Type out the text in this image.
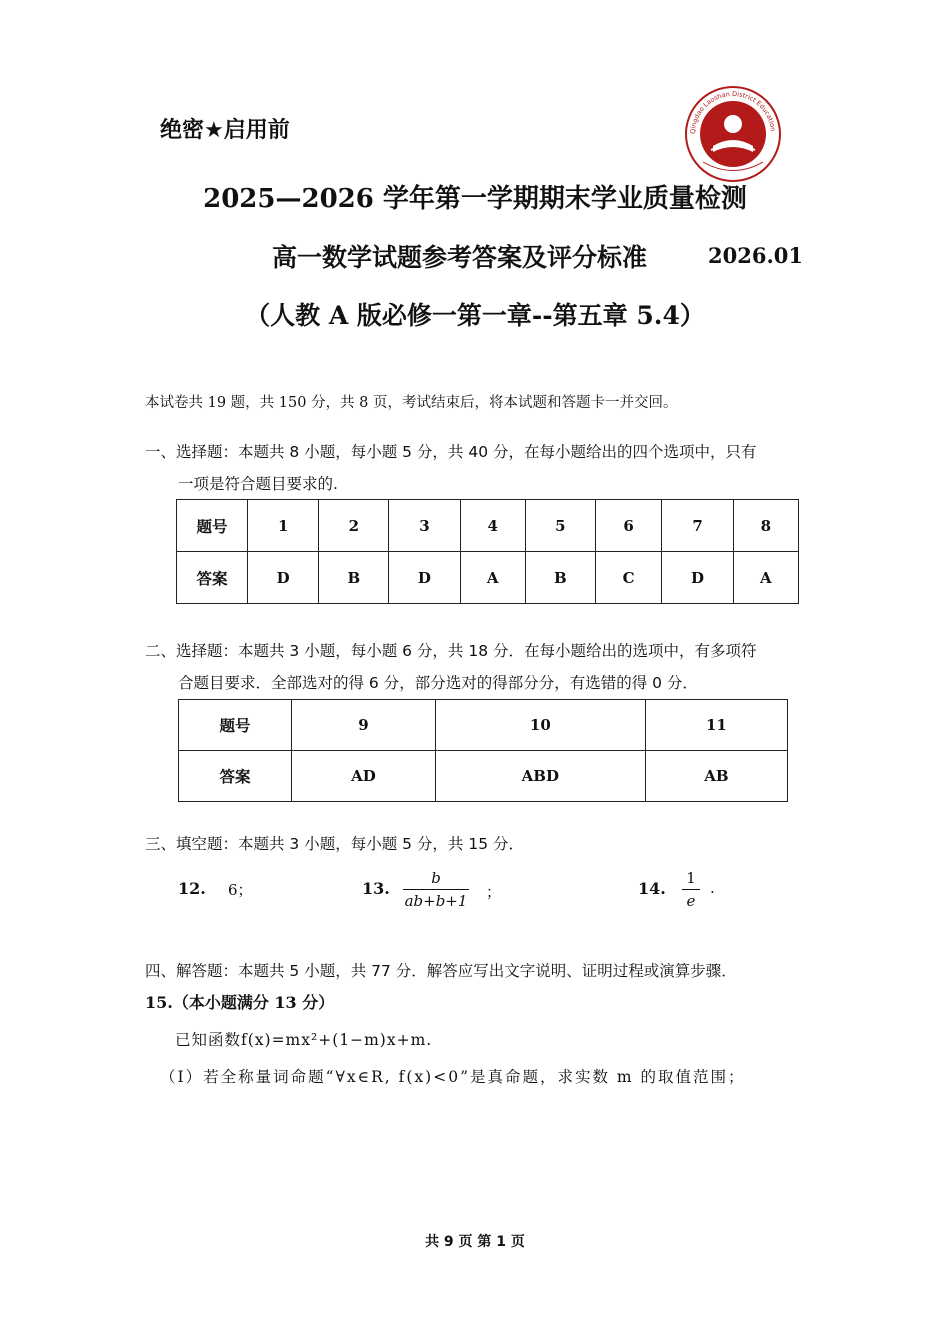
绝密★启用前	Qingdao Laoshan District Education
2025—2026 学年第一学期期末学业质量检测
高一数学试题参考答案及评分标准	2026.01
（人教 A 版必修一第一章--第五章 5.4）
本试卷共 19 题，共 150 分，共 8 页，考试结束后，将本试题和答题卡一并交回。
一、选择题：本题共 8 小题，每小题 5 分，共 40 分，在每小题给出的四个选项中，只有
一项是符合题目要求的.
题号	1	2	3	4	5	6	7	8
答案	D	B	D	A	B	C	D	A
二、选择题：本题共 3 小题，每小题 6 分，共 18 分．在每小题给出的选项中，有多项符
合题目要求．全部选对的得 6 分，部分选对的得部分分，有选错的得 0 分．
题号	9	10	11
答案	AD	ABD	AB
三、填空题：本题共 3 小题，每小题 5 分，共 15 分．
12. 6；	13.
b
ab+b+1 ；	14.
1
e
.
四、解答题：本题共 5 小题，共 77 分．解答应写出文字说明、证明过程或演算步骤．
15.（本小题满分 13 分）
已知函数f(x)=mx²+(1−m)x+m.
（Ⅰ）若全称量词命题“∀x∈R, f(x)<0”是真命题，求实数 m 的取值范围；
共 9 页 第 1 页
